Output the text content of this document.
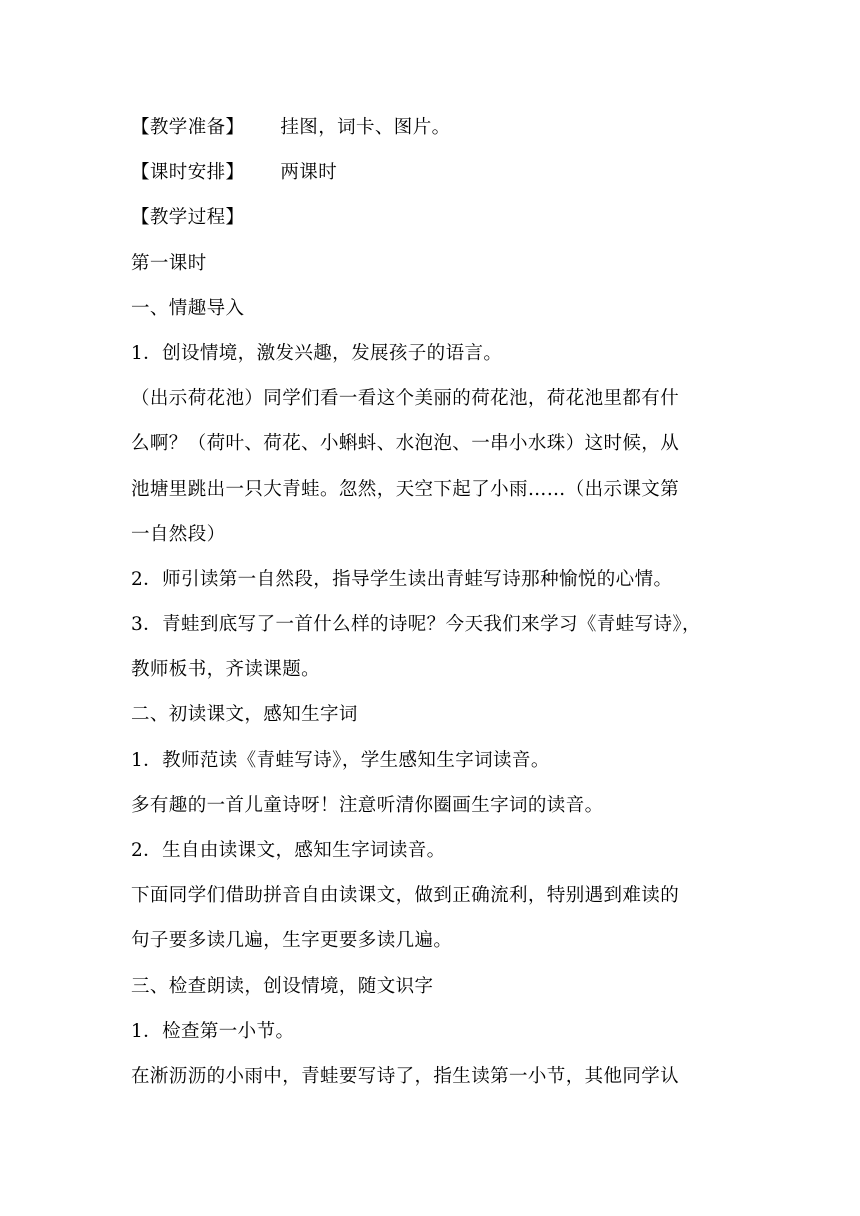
【教学准备】 挂图，词卡、图片。
【课时安排】 两课时
【教学过程】
第一课时
一、情趣导入
1．创设情境，激发兴趣，发展孩子的语言。
（出示荷花池）同学们看一看这个美丽的荷花池，荷花池里都有什
么啊？（荷叶、荷花、小蝌蚪、水泡泡、一串小水珠）这时候，从
池塘里跳出一只大青蛙。忽然，天空下起了小雨……（出示课文第
一自然段）
2．师引读第一自然段，指导学生读出青蛙写诗那种愉悦的心情。
3．青蛙到底写了一首什么样的诗呢？今天我们来学习《青蛙写诗》，
教师板书，齐读课题。
二、初读课文，感知生字词
1．教师范读《青蛙写诗》，学生感知生字词读音。
多有趣的一首儿童诗呀！注意听清你圈画生字词的读音。
2．生自由读课文，感知生字词读音。
下面同学们借助拼音自由读课文，做到正确流利，特别遇到难读的
句子要多读几遍，生字更要多读几遍。
三、检查朗读，创设情境，随文识字
1．检查第一小节。
在淅沥沥的小雨中，青蛙要写诗了，指生读第一小节，其他同学认
